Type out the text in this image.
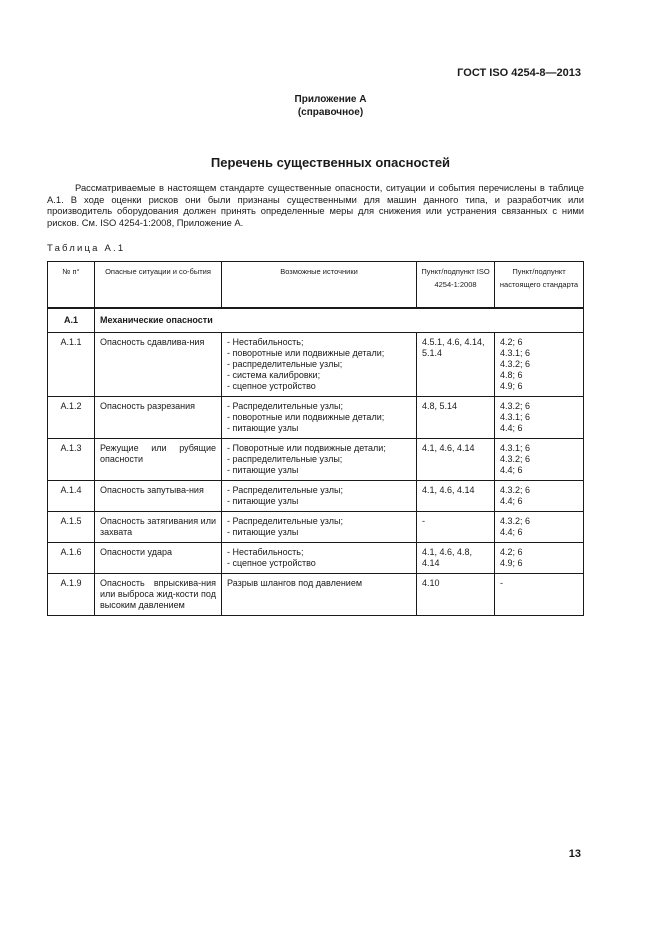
ГОСТ ISO 4254-8—2013
Приложение А
(справочное)
Перечень существенных опасностей

Рассматриваемые в настоящем стандарте существенные опасности, ситуации и события перечислены в таблице А.1. В ходе оценки рисков они были признаны существенными для машин данного типа, и разработчик или производитель оборудования должен принять определенные меры для снижения или устранения связанных с ними рисков. См. ISO 4254-1:2008, Приложение А.

Таблица А.1
№ п°	Опасные ситуации и со-бытия	Возможные источники	Пункт/подпункт ISO 4254-1:2008	Пункт/подпункт настоящего стандарта
А.1	Механические опасности			
А.1.1	Опасность сдавлива-ния	- Нестабильность;
- поворотные или подвижные детали;
- распределительные узлы;
- система калибровки;
- сцепное устройство	4.5.1, 4.6, 4.14, 5.1.4	4.2; 6
4.3.1; 6
4.3.2; 6
4.8; 6
4.9; 6

А.1.2	Опасность разрезания	- Распределительные узлы;
- поворотные или подвижные детали;
- питающие узлы	4.8, 5.14	4.3.2; 6
4.3.1; 6
4.4; 6

А.1.3	Режущие или рубящие опасности	- Поворотные или подвижные детали;
- распределительные узлы;
- питающие узлы	4.1, 4.6, 4.14	4.3.1; 6
4.3.2; 6
4.4; 6

А.1.4	Опасность запутыва-ния	- Распределительные узлы;
- питающие узлы	4.1, 4.6, 4.14	4.3.2; 6
4.4; 6

А.1.5	Опасность затягивания или захвата	- Распределительные узлы;
- питающие узлы	-	4.3.2; 6
4.4; 6

А.1.6	Опасности удара	- Нестабильность;
- сцепное устройство	4.1, 4.6, 4.8, 4.14	4.2; 6
4.9; 6

А.1.9	Опасность впрыскива-ния или выброса жид-кости под высоким давлением	Разрыв шлангов под давлением	4.10	-
13
